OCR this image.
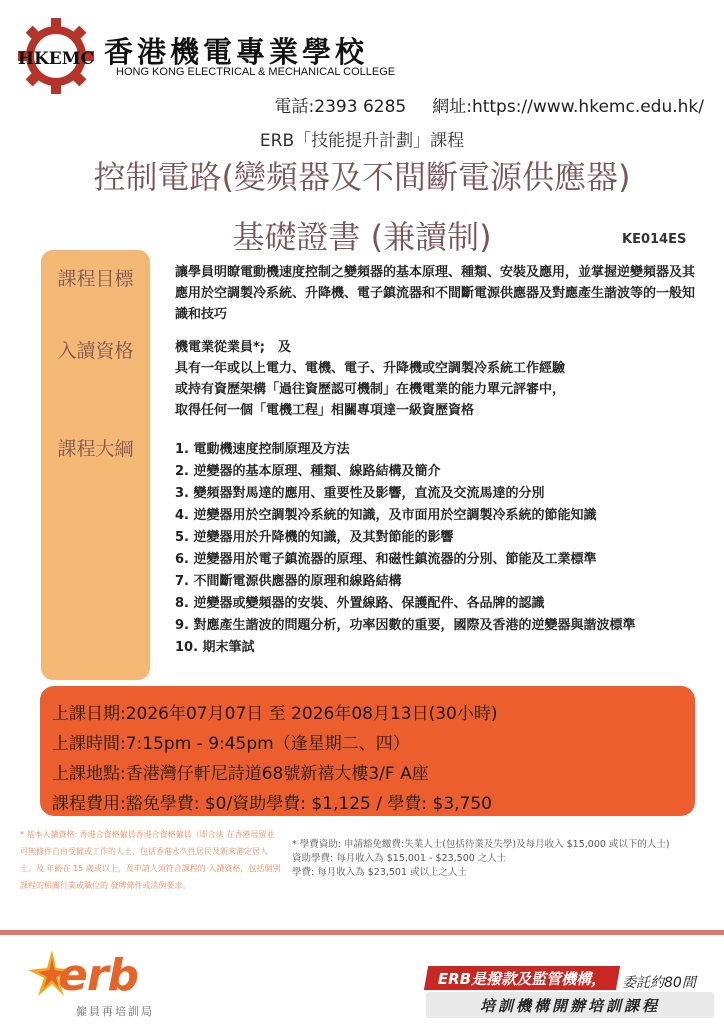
HKEMC 香港機電專業學校
HONG KONG ELECTRICAL & MECHANICAL COLLEGE
電話:2393 6285 網址:https://www.hkemc.edu.hk/
ERB「技能提升計劃」課程
控制電路(變頻器及不間斷電源供應器)
基礎證書 (兼讀制)	KE014ES
課程目標
入讀資格
課程大綱
讓學員明瞭電動機速度控制之變頻器的基本原理、種類、安裝及應用，並掌握逆變頻器及其應用於空調製冷系統、升降機、電子鎮流器和不間斷電源供應器及對應產生諧波等的一般知識和技巧
機電業從業員*;　及
具有一年或以上電力、電機、電子、升降機或空調製冷系統工作經驗
或持有資歷架構「過往資歷認可機制」在機電業的能力單元評審中，
取得任何一個「電機工程」相關專項達一級資歷資格
1. 電動機速度控制原理及方法
2. 逆變器的基本原理、種類、線路結構及簡介
3. 變頻器對馬達的應用、重要性及影響，直流及交流馬達的分別
4. 逆變器用於空調製冷系統的知識，及市面用於空調製冷系統的節能知識
5. 逆變器用於升降機的知識，及其對節能的影響
6. 逆變器用於電子鎮流器的原理、和磁性鎮流器的分別、節能及工業標準
7. 不間斷電源供應器的原理和線路結構
8. 逆變器或變頻器的安裝、外置線路、保護配件、各品牌的認識
9. 對應產生諧波的問題分析，功率因數的重要，國際及香港的逆變器與諧波標準
10. 期末筆試
上課日期:2026年07月07日 至 2026年08月13日(30小時)
上課時間:7:15pm - 9:45pm（逢星期二、四）
上課地點:香港灣仔軒尼詩道68號新禧大樓3/F A座
課程費用:豁免學費: $0/資助學費: $1,125 / 學費: $3,750
* 基本入讀資格: 香港合資格僱員香港合資格僱員（即合法 在香港居留並可無條件自由受僱或工作的人士，包括香港永久性居民及新來港定居人士、及 年齡在 15 歲或以上，及申請人須符合課程的 入讀資格，包括個別課程的相關行業或職位的 發牌條件或法例要求。
* 學費資助: 申請豁免繳費:失業人士(包括待業及失學)及每月收入 $15,000 或以下的人士)
資助學費: 每月收入為 $15,001 - $23,500 之人士
學費: 每月收入為 $23,501 或以上之人士
erb
僱員再培訓局
ERB是撥款及監管機構，	委託約80間
培訓機構開辦培訓課程
